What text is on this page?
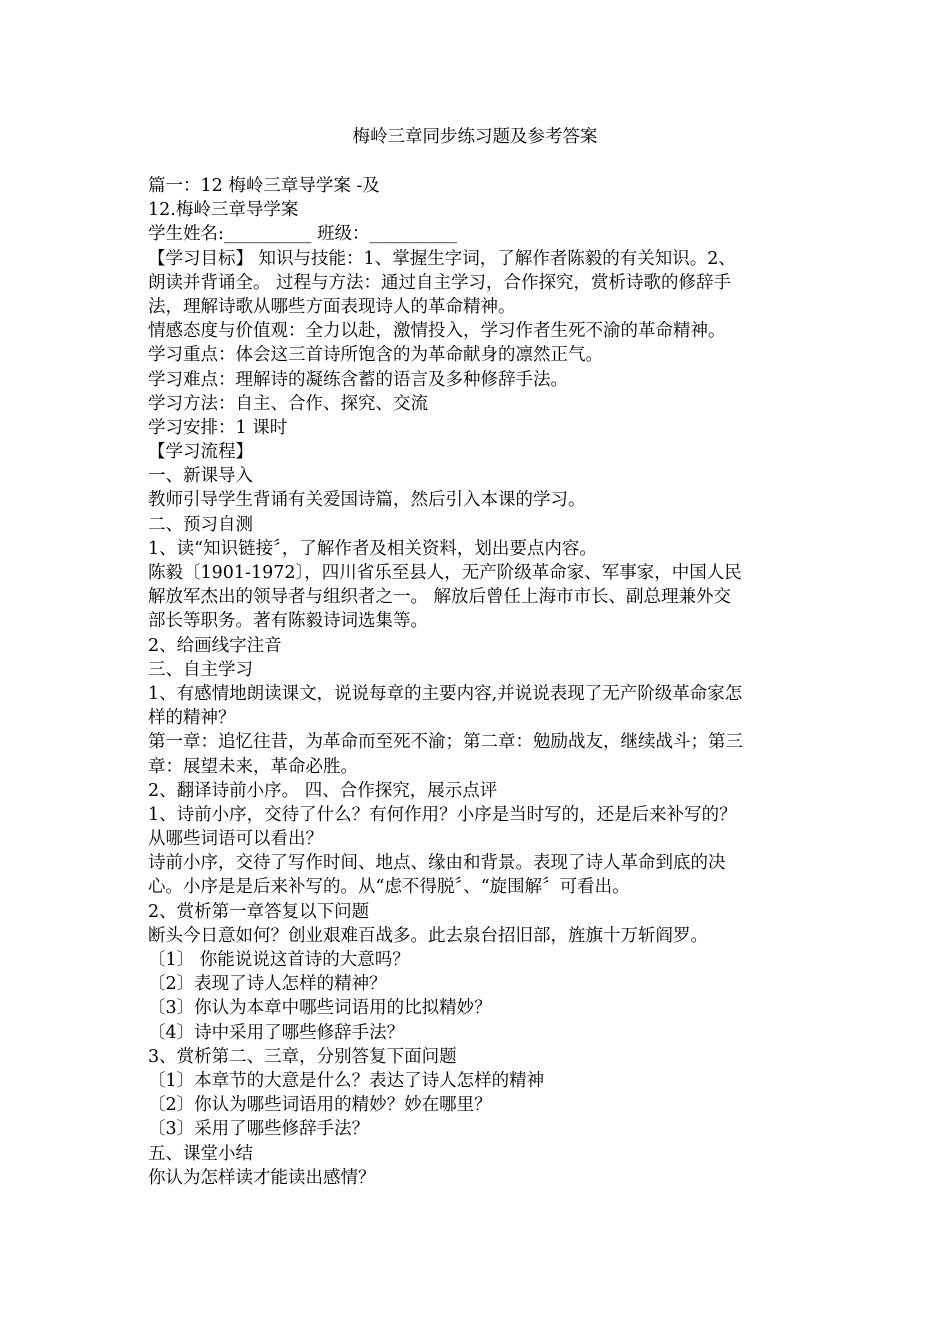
梅岭三章同步练习题及参考答案

篇一：12 梅岭三章导学案 -及

12.梅岭三章导学案

学生姓名:__________ 班级：__________

【学习目标】 知识与技能：1、掌握生字词，了解作者陈毅的有关知识。2、

朗读并背诵全。 过程与方法：通过自主学习，合作探究，赏析诗歌的修辞手

法，理解诗歌从哪些方面表现诗人的革命精神。

情感态度与价值观：全力以赴，激情投入，学习作者生死不渝的革命精神。

学习重点：体会这三首诗所饱含的为革命献身的凛然正气。

学习难点：理解诗的凝练含蓄的语言及多种修辞手法。

学习方法：自主、合作、探究、交流

学习安排：1 课时

【学习流程】

一、新课导入

教师引导学生背诵有关爱国诗篇，然后引入本课的学习。

二、预习自测

1、读“知识链接〞，了解作者及相关资料，划出要点内容。

陈毅〔1901-1972〕，四川省乐至县人，无产阶级革命家、军事家，中国人民

解放军杰出的领导者与组织者之一。 解放后曾任上海市市长、副总理兼外交

部长等职务。著有陈毅诗词选集等。

2、给画线字注音

三、自主学习

1、有感情地朗读课文，说说每章的主要内容,并说说表现了无产阶级革命家怎

样的精神？

第一章：追忆往昔，为革命而至死不渝；第二章：勉励战友，继续战斗；第三

章：展望未来，革命必胜。

2、翻译诗前小序。 四、合作探究，展示点评

1、诗前小序，交待了什么？有何作用？小序是当时写的，还是后来补写的？

从哪些词语可以看出？

诗前小序，交待了写作时间、地点、缘由和背景。表现了诗人革命到底的决

心。小序是是后来补写的。从“虑不得脱〞、“旋围解〞可看出。

2、赏析第一章答复以下问题

断头今日意如何？创业艰难百战多。此去泉台招旧部，旌旗十万斩阎罗。

〔1〕 你能说说这首诗的大意吗？

〔2〕表现了诗人怎样的精神？

〔3〕你认为本章中哪些词语用的比拟精妙？

〔4〕诗中采用了哪些修辞手法？

3、赏析第二、三章，分别答复下面问题

〔1〕本章节的大意是什么？表达了诗人怎样的精神

〔2〕你认为哪些词语用的精妙？妙在哪里？

〔3〕采用了哪些修辞手法？

五、课堂小结

你认为怎样读才能读出感情？
